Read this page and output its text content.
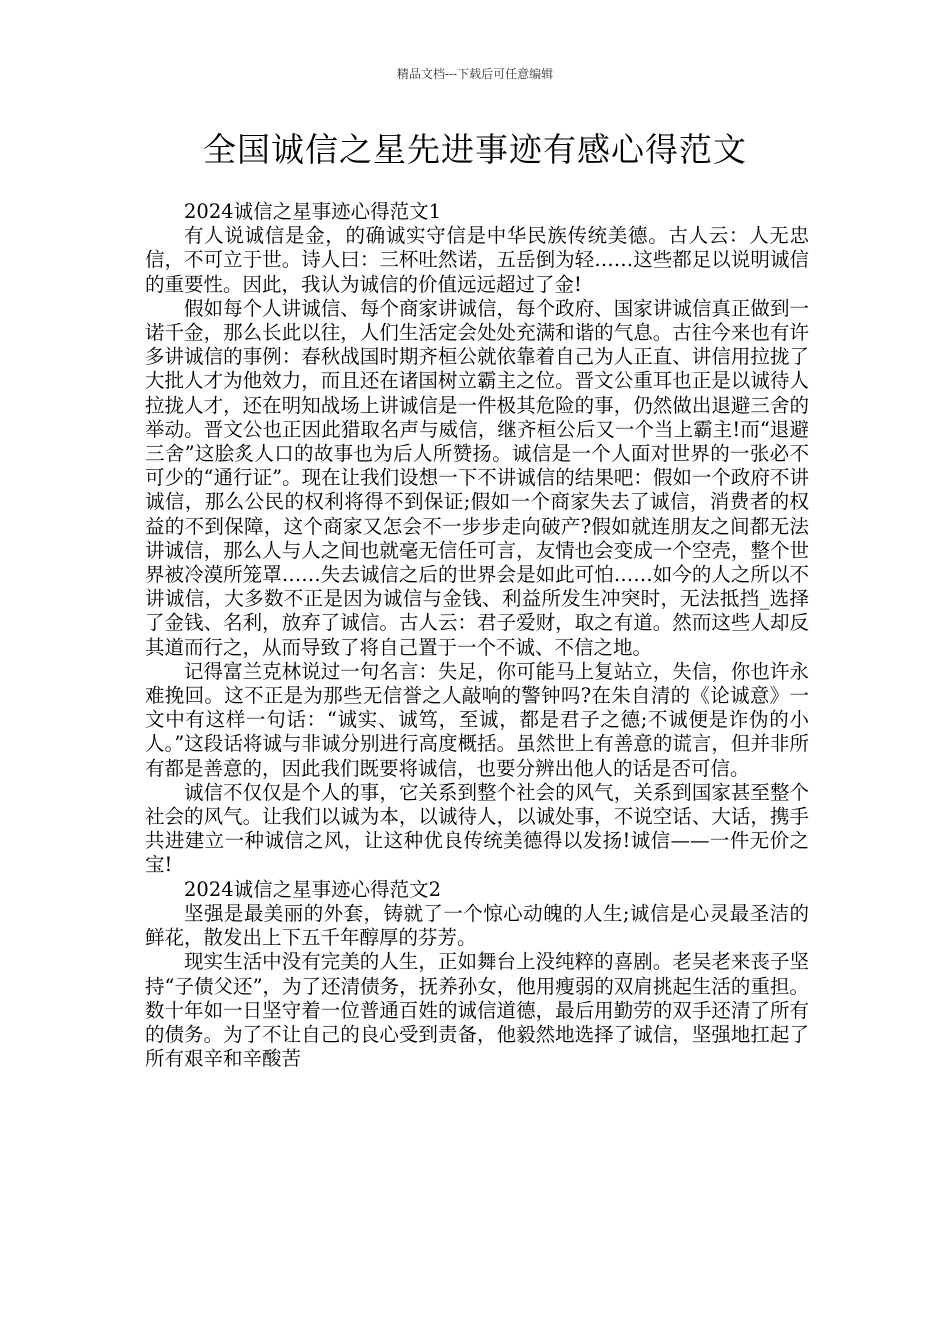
精品文档---下载后可任意编辑
全国诚信之星先进事迹有感心得范文

2024诚信之星事迹心得范文1

有人说诚信是金，的确诚实守信是中华民族传统美德。古人云：人无忠信，不可立于世。诗人曰：三杯吐然诺，五岳倒为轻……这些都足以说明诚信的重要性。因此，我认为诚信的价值远远超过了金!

假如每个人讲诚信、每个商家讲诚信，每个政府、国家讲诚信真正做到一诺千金，那么长此以往，人们生活定会处处充满和谐的气息。古往今来也有许多讲诚信的事例：春秋战国时期齐桓公就依靠着自己为人正直、讲信用拉拢了大批人才为他效力，而且还在诸国树立霸主之位。晋文公重耳也正是以诚待人拉拢人才，还在明知战场上讲诚信是一件极其危险的事，仍然做出退避三舍的举动。晋文公也正因此猎取名声与威信，继齐桓公后又一个当上霸主!而“退避三舍”这脍炙人口的故事也为后人所赞扬。诚信是一个人面对世界的一张必不可少的“通行证”。现在让我们设想一下不讲诚信的结果吧：假如一个政府不讲诚信，那么公民的权利将得不到保证;假如一个商家失去了诚信，消费者的权益的不到保障，这个商家又怎会不一步步走向破产?假如就连朋友之间都无法讲诚信，那么人与人之间也就毫无信任可言，友情也会变成一个空壳，整个世界被冷漠所笼罩……失去诚信之后的世界会是如此可怕……如今的人之所以不讲诚信，大多数不正是因为诚信与金钱、利益所发生冲突时，无法抵挡_选择了金钱、名利，放弃了诚信。古人云：君子爱财，取之有道。然而这些人却反其道而行之，从而导致了将自己置于一个不诚、不信之地。

记得富兰克林说过一句名言：失足，你可能马上复站立，失信，你也许永难挽回。这不正是为那些无信誉之人敲响的警钟吗?在朱自清的《论诚意》一文中有这样一句话：“诚实、诚笃，至诚，都是君子之德;不诚便是诈伪的小人。”这段话将诚与非诚分别进行高度概括。虽然世上有善意的谎言，但并非所有都是善意的，因此我们既要将诚信，也要分辨出他人的话是否可信。

诚信不仅仅是个人的事，它关系到整个社会的风气，关系到国家甚至整个社会的风气。让我们以诚为本，以诚待人，以诚处事，不说空话、大话，携手共进建立一种诚信之风，让这种优良传统美德得以发扬!诚信——一件无价之宝!

2024诚信之星事迹心得范文2

坚强是最美丽的外套，铸就了一个惊心动魄的人生;诚信是心灵最圣洁的鲜花，散发出上下五千年醇厚的芬芳。

现实生活中没有完美的人生，正如舞台上没纯粹的喜剧。老吴老来丧子坚持“子债父还”，为了还清债务，抚养孙女，他用瘦弱的双肩挑起生活的重担。数十年如一日坚守着一位普通百姓的诚信道德，最后用勤劳的双手还清了所有的债务。为了不让自己的良心受到责备，他毅然地选择了诚信，坚强地扛起了所有艰辛和辛酸苦
